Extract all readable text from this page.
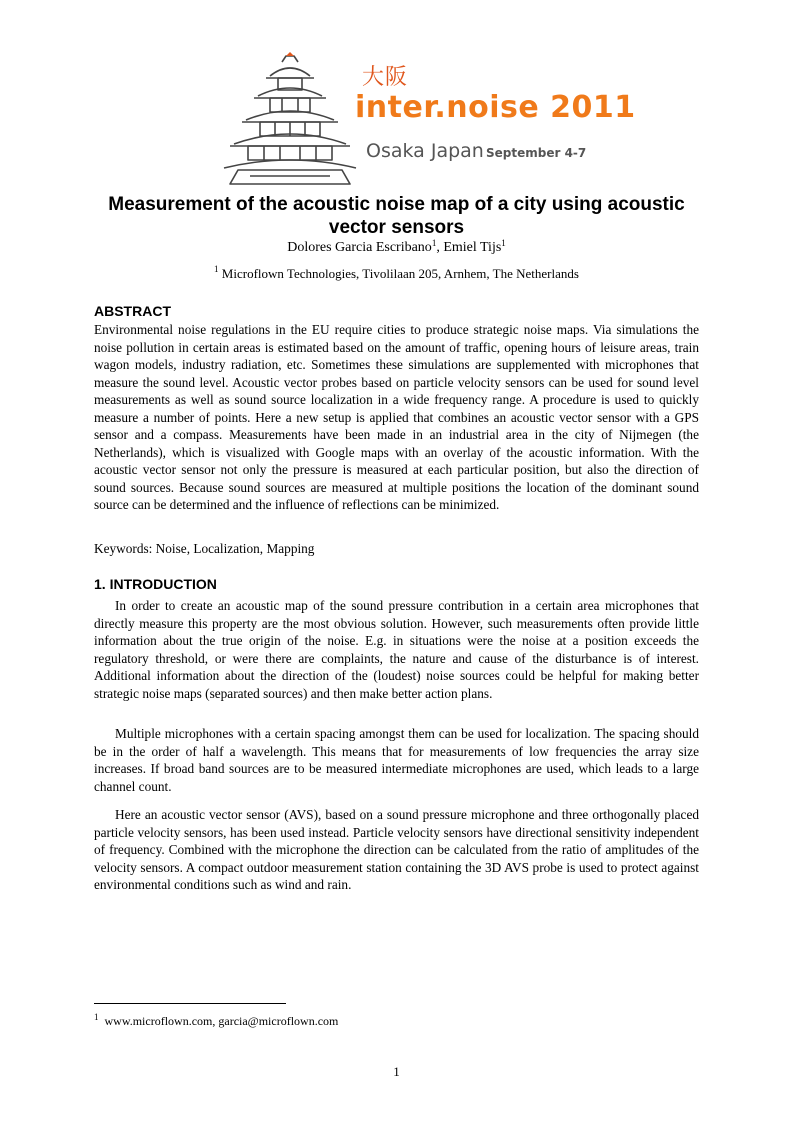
大阪
inter.noise 2011
Osaka Japan September 4-7
Measurement of the acoustic noise map of a city using acoustic vector sensors
Dolores Garcia Escribano$^1$, Emiel Tijs$^1$
$^1$ Microflown Technologies, Tivolilaan 205, Arnhem, The Netherlands
ABSTRACT
Environmental noise regulations in the EU require cities to produce strategic noise maps. Via simulations the noise pollution in certain areas is estimated based on the amount of traffic, opening hours of leisure areas, train wagon models, industry radiation, etc. Sometimes these simulations are supplemented with microphones that measure the sound level. Acoustic vector probes based on particle velocity sensors can be used for sound level measurements as well as sound source localization in a wide frequency range. A procedure is used to quickly measure a number of points. Here a new setup is applied that combines an acoustic vector sensor with a GPS sensor and a compass. Measurements have been made in an industrial area in the city of Nijmegen (the Netherlands), which is visualized with Google maps with an overlay of the acoustic information. With the acoustic vector sensor not only the pressure is measured at each particular position, but also the direction of sound sources. Because sound sources are measured at multiple positions the location of the dominant sound source can be determined and the influence of reflections can be minimized.
Keywords: Noise, Localization, Mapping
1. INTRODUCTION
In order to create an acoustic map of the sound pressure contribution in a certain area microphones that directly measure this property are the most obvious solution. However, such measurements often provide little information about the true origin of the noise. E.g. in situations were the noise at a position exceeds the regulatory threshold, or were there are complaints, the nature and cause of the disturbance is of interest. Additional information about the direction of the (loudest) noise sources could be helpful for making better strategic noise maps (separated sources) and then make better action plans.
Multiple microphones with a certain spacing amongst them can be used for localization. The spacing should be in the order of half a wavelength. This means that for measurements of low frequencies the array size increases. If broad band sources are to be measured intermediate microphones are used, which leads to a large channel count.
Here an acoustic vector sensor (AVS), based on a sound pressure microphone and three orthogonally placed particle velocity sensors, has been used instead. Particle velocity sensors have directional sensitivity independent of frequency. Combined with the microphone the direction can be calculated from the ratio of amplitudes of the velocity sensors. A compact outdoor measurement station containing the 3D AVS probe is used to protect against environmental conditions such as wind and rain.
$^1$ www.microflown.com, garcia@microflown.com
1
